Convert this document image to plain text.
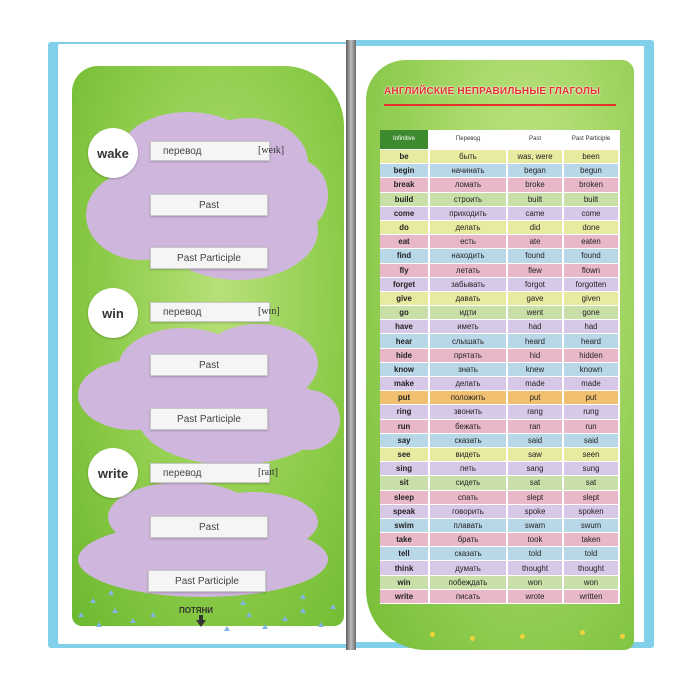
wake	перевод	[weɪk]
Past
Past Participle
win	перевод	[wɪn]
Past
Past Participle
write	перевод	[raɪt]
Past
Past Participle
ПОТЯНИ
АНГЛИЙСКИЕ НЕПРАВИЛЬНЫЕ ГЛАГОЛЫ
Infinitive	Перевод	Past	Past Participle
be	быть	was, were	been
begin	начинать	began	begun
break	ломать	broke	broken
build	строить	built	built
come	приходить	came	come
do	делать	did	done
eat	есть	ate	eaten
find	находить	found	found
fly	летать	flew	flown
forget	забывать	forgot	forgotten
give	давать	gave	given
go	идти	went	gone
have	иметь	had	had
hear	слышать	heard	heard
hide	прятать	hid	hidden
know	знать	knew	known
make	делать	made	made
put	положить	put	put
ring	звонить	rang	rung
run	бежать	ran	run
say	сказать	said	said
see	видеть	saw	seen
sing	петь	sang	sung
sit	сидеть	sat	sat
sleep	спать	slept	slept
speak	говорить	spoke	spoken
swim	плавать	swam	swum
take	брать	took	taken
tell	сказать	told	told
think	думать	thought	thought
win	побеждать	won	won
write	писать	wrote	written
